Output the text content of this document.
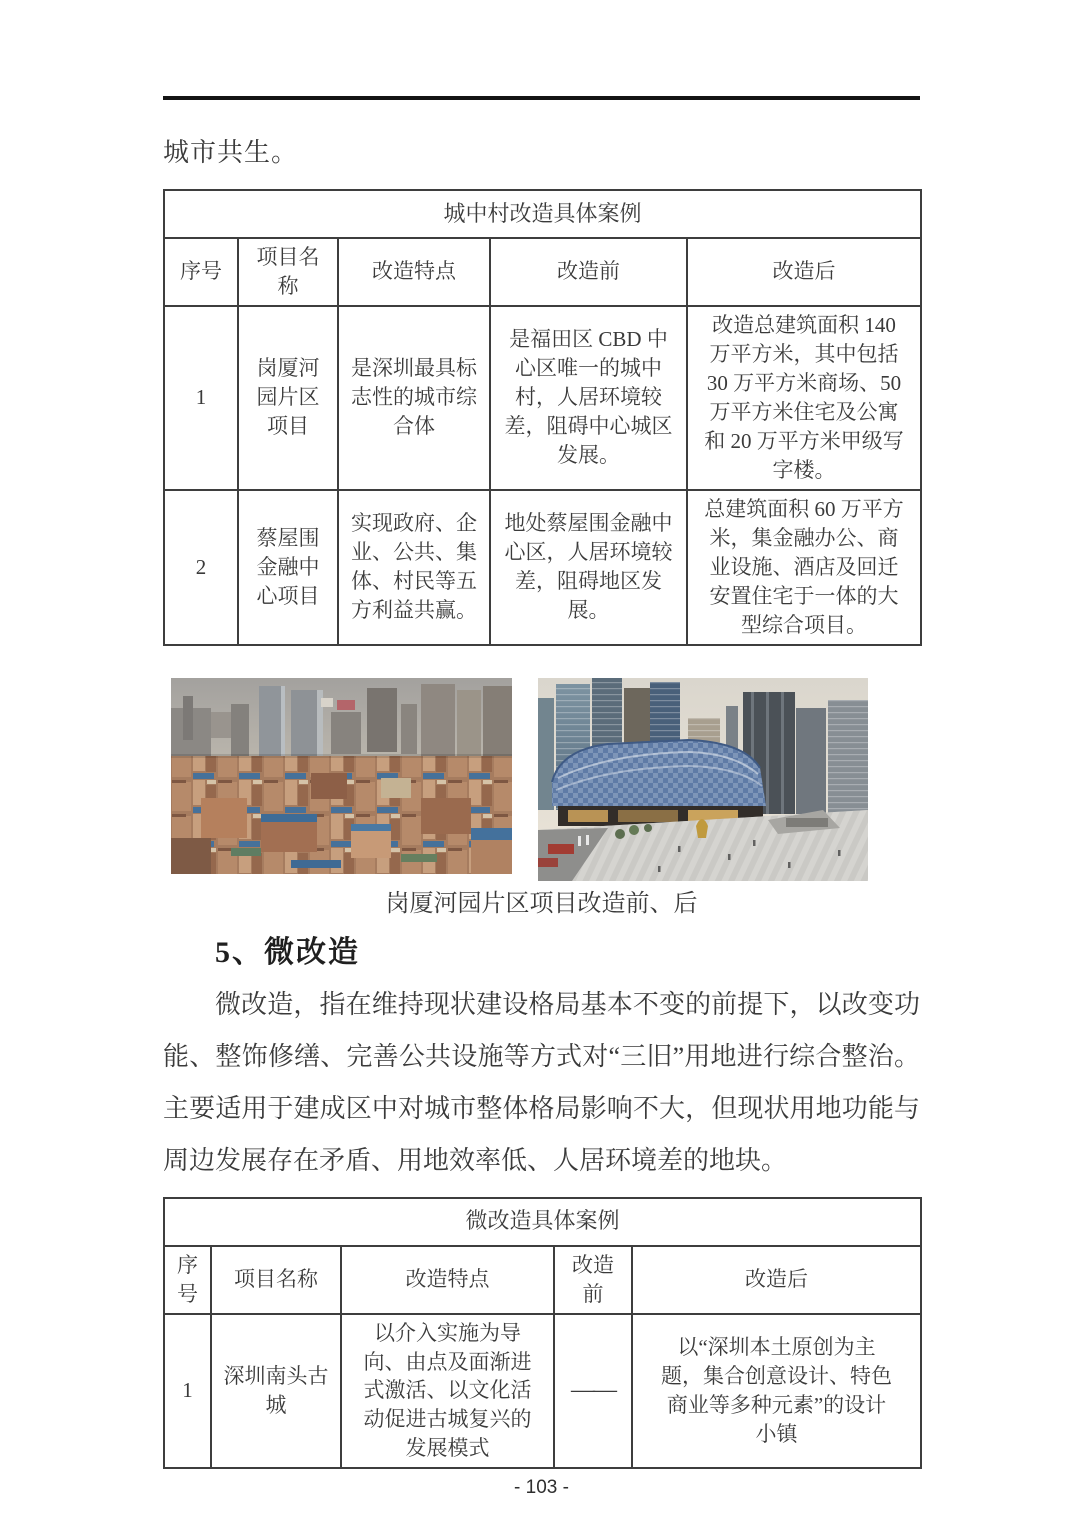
城市共生。
城中村改造具体案例				
序号	项目名称	改造特点	改造前	改造后
1	岗厦河园片区项目	是深圳最具标志性的城市综合体	是福田区 CBD 中心区唯一的城中村，人居环境较差，阻碍中心城区发展。	改造总建筑面积 140 万平方米，其中包括 30 万平方米商场、50 万平方米住宅及公寓和 20 万平方米甲级写字楼。
2	蔡屋围金融中心项目	实现政府、企业、公共、集体、村民等五方利益共赢。	地处蔡屋围金融中心区，人居环境较差，阻碍地区发展。	总建筑面积 60 万平方米，集金融办公、商业设施、酒店及回迁安置住宅于一体的大型综合项目。
岗厦河园片区项目改造前、后
5、微改造
微改造，指在维持现状建设格局基本不变的前提下，以改变功
能、整饰修缮、完善公共设施等方式对“三旧”用地进行综合整治。
主要适用于建成区中对城市整体格局影响不大，但现状用地功能与
周边发展存在矛盾、用地效率低、人居环境差的地块。
微改造具体案例				
序号	项目名称	改造特点	改造前	改造后
1	深圳南头古城	以介入实施为导向、由点及面渐进式激活、以文化活动促进古城复兴的发展模式	——	以“深圳本土原创为主题，集合创意设计、特色商业等多种元素”的设计小镇
- 103 -
